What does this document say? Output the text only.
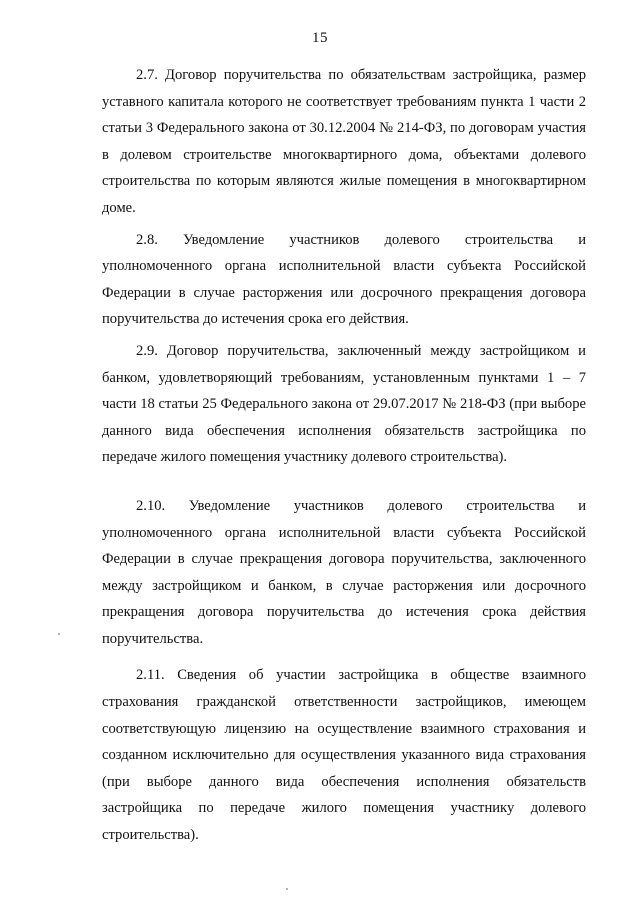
15

2.7. Договор поручительства по обязательствам застройщика, размер уставного капитала которого не соответствует требованиям пункта 1 части 2 статьи 3 Федерального закона от 30.12.2004 № 214-ФЗ, по договорам участия в долевом строительстве многоквартирного дома, объектами долевого строительства по которым являются жилые помещения в многоквартирном доме.

2.8. Уведомление участников долевого строительства и уполномоченного органа исполнительной власти субъекта Российской Федерации в случае расторжения или досрочного прекращения договора поручительства до истечения срока его действия.

2.9. Договор поручительства, заключенный между застройщиком и банком, удовлетворяющий требованиям, установленным пунктами 1 – 7 части 18 статьи 25 Федерального закона от 29.07.2017 № 218-ФЗ (при выборе данного вида обеспечения исполнения обязательств застройщика по передаче жилого помещения участнику долевого строительства).

2.10. Уведомление участников долевого строительства и уполномоченного органа исполнительной власти субъекта Российской Федерации в случае прекращения договора поручительства, заключенного между застройщиком и банком, в случае расторжения или досрочного прекращения договора поручительства до истечения срока действия поручительства.

2.11. Сведения об участии застройщика в обществе взаимного страхования гражданской ответственности застройщиков, имеющем соответствующую лицензию на осуществление взаимного страхования и созданном исключительно для осуществления указанного вида страхования (при выборе данного вида обеспечения исполнения обязательств застройщика по передаче жилого помещения участнику долевого строительства).
